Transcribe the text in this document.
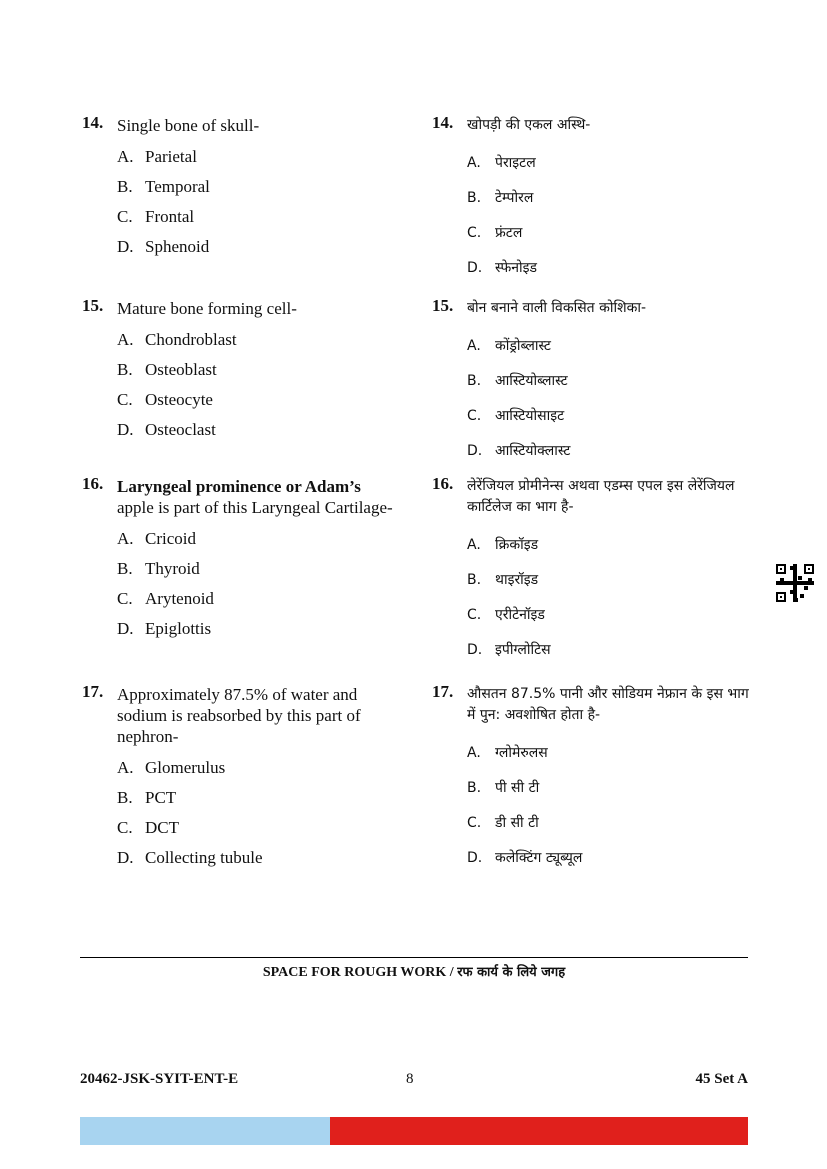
14. Single bone of skull-
A. Parietal
B. Temporal
C. Frontal
D. Sphenoid
15. Mature bone forming cell-
A. Chondroblast
B. Osteoblast
C. Osteocyte
D. Osteoclast
16. Laryngeal prominence or Adam’s
apple is part of this Laryngeal Cartilage-
A. Cricoid
B. Thyroid
C. Arytenoid
D. Epiglottis
17. Approximately 87.5% of water and sodium is reabsorbed by this part of nephron-
A. Glomerulus
B. PCT
C. DCT
D. Collecting tubule
14. खोपड़ी की एकल अस्थि-
A.	पेराइटल
B. टेम्पोरल
C. फ्रंटल
D. स्फेनोइड
15. बोन बनाने वाली विकसित कोशिका-
A.	कोंड्रोब्लास्ट
B. आस्टियोब्लास्ट
C. आस्टियोसाइट
D. आस्टियोक्लास्ट
16. लेरेंजियल प्रोमीनेन्स अथवा एडम्स एपल इस लेरेंजियल कार्टिलेज का भाग है-
A.	क्रिकॉइड
B. थाइरॉइड
C. एरीटेनॉइड
D. इपीग्लोटिस
17. औसतन 87.5% पानी और सोडियम नेफ्रान के इस भाग में पुन: अवशोषित होता है-
A.	ग्लोमेरुलस
B. पी सी टी
C. डी सी टी
D. कलेक्टिंग ट्यूब्यूल
SPACE FOR ROUGH WORK / रफ कार्य के लिये जगह
20462-JSK-SYIT-ENT-E	8	45 Set A
